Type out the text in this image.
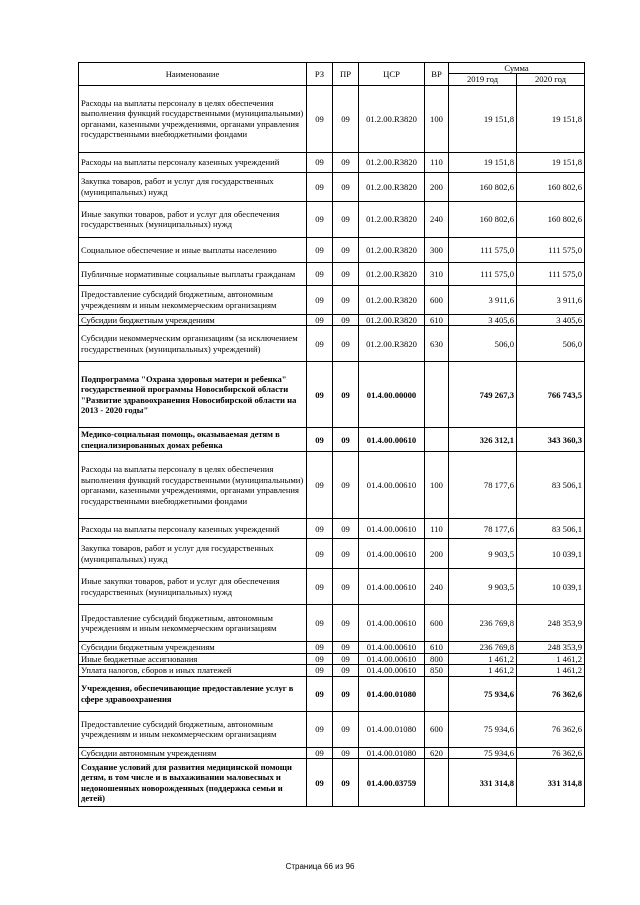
Наименование	РЗ	ПР	ЦСР	ВР	Сумма	
					2019 год	2020 год
Расходы на выплаты персоналу в целях обеспечения выполнения функций государственными (муниципальными) органами, казенными учреждениями, органами управления государственными внебюджетными фондами	09	09	01.2.00.R3820	100	19 151,8	19 151,8
Расходы на выплаты персоналу казенных учреждений	09	09	01.2.00.R3820	110	19 151,8	19 151,8
Закупка товаров, работ и услуг для государственных (муниципальных) нужд	09	09	01.2.00.R3820	200	160 802,6	160 802,6
Иные закупки товаров, работ и услуг для обеспечения государственных (муниципальных) нужд	09	09	01.2.00.R3820	240	160 802,6	160 802,6
Социальное обеспечение и иные выплаты населению	09	09	01.2.00.R3820	300	111 575,0	111 575,0
Публичные нормативные социальные выплаты гражданам	09	09	01.2.00.R3820	310	111 575,0	111 575,0
Предоставление субсидий бюджетным, автономным учреждениям и иным некоммерческим организациям	09	09	01.2.00.R3820	600	3 911,6	3 911,6
Субсидии бюджетным учреждениям	09	09	01.2.00.R3820	610	3 405,6	3 405,6
Субсидии некоммерческим организациям (за исключением государственных (муниципальных) учреждений)	09	09	01.2.00.R3820	630	506,0	506,0
Подпрограмма "Охрана здоровья матери и ребенка" государственной программы Новосибирской области "Развитие здравоохранения Новосибирской области на 2013 - 2020 годы"	09	09	01.4.00.00000		749 267,3	766 743,5
Медико-социальная помощь, оказываемая детям в специализированных домах ребенка	09	09	01.4.00.00610		326 312,1	343 360,3
Расходы на выплаты персоналу в целях обеспечения выполнения функций государственными (муниципальными) органами, казенными учреждениями, органами управления государственными внебюджетными фондами	09	09	01.4.00.00610	100	78 177,6	83 506,1
Расходы на выплаты персоналу казенных учреждений	09	09	01.4.00.00610	110	78 177,6	83 506,1
Закупка товаров, работ и услуг для государственных (муниципальных) нужд	09	09	01.4.00.00610	200	9 903,5	10 039,1
Иные закупки товаров, работ и услуг для обеспечения государственных (муниципальных) нужд	09	09	01.4.00.00610	240	9 903,5	10 039,1
Предоставление субсидий бюджетным, автономным учреждениям и иным некоммерческим организациям	09	09	01.4.00.00610	600	236 769,8	248 353,9
Субсидии бюджетным учреждениям	09	09	01.4.00.00610	610	236 769,8	248 353,9
Иные бюджетные ассигнования	09	09	01.4.00.00610	800	1 461,2	1 461,2
Уплата налогов, сборов и иных платежей	09	09	01.4.00.00610	850	1 461,2	1 461,2
Учреждения, обеспечивающие предоставление услуг в сфере здравоохранения	09	09	01.4.00.01080		75 934,6	76 362,6
Предоставление субсидий бюджетным, автономным учреждениям и иным некоммерческим организациям	09	09	01.4.00.01080	600	75 934,6	76 362,6
Субсидии автономным учреждениям	09	09	01.4.00.01080	620	75 934,6	76 362,6
Создание условий для развития медицинской помощи детям, в том числе и в выхаживании маловесных и недоношенных новорожденных (поддержка семьи и детей)	09	09	01.4.00.03759		331 314,8	331 314,8
Страница 66 из 96
